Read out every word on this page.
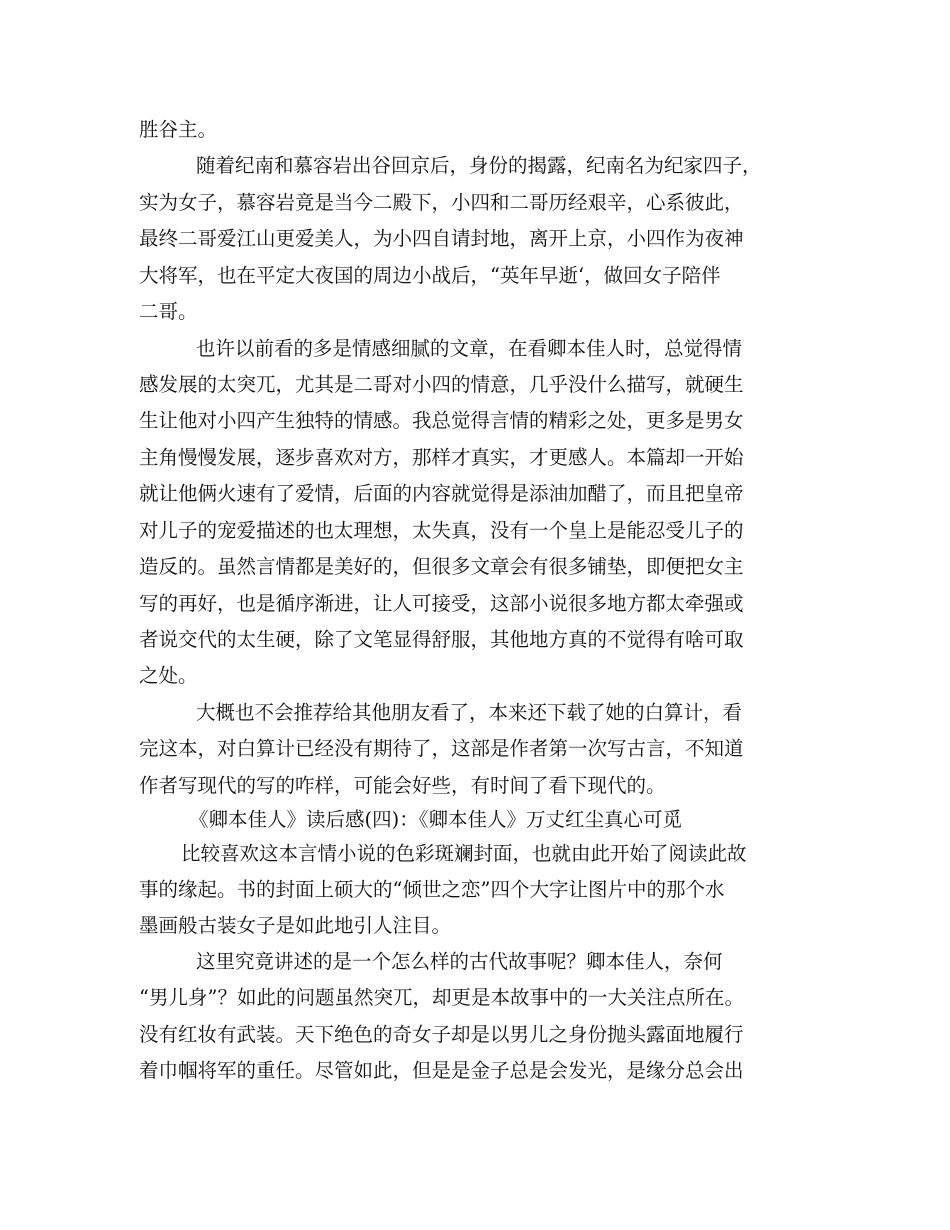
胜谷主。
随着纪南和慕容岩出谷回京后，身份的揭露，纪南名为纪家四子，
实为女子，慕容岩竟是当今二殿下，小四和二哥历经艰辛，心系彼此，
最终二哥爱江山更爱美人，为小四自请封地，离开上京，小四作为夜神
大将军，也在平定大夜国的周边小战后，“英年早逝‘，做回女子陪伴
二哥。
也许以前看的多是情感细腻的文章，在看卿本佳人时，总觉得情
感发展的太突兀，尤其是二哥对小四的情意，几乎没什么描写，就硬生
生让他对小四产生独特的情感。我总觉得言情的精彩之处，更多是男女
主角慢慢发展，逐步喜欢对方，那样才真实，才更感人。本篇却一开始
就让他俩火速有了爱情，后面的内容就觉得是添油加醋了，而且把皇帝
对儿子的宠爱描述的也太理想，太失真，没有一个皇上是能忍受儿子的
造反的。虽然言情都是美好的，但很多文章会有很多铺垫，即便把女主
写的再好，也是循序渐进，让人可接受，这部小说很多地方都太牵强或
者说交代的太生硬，除了文笔显得舒服，其他地方真的不觉得有啥可取
之处。
大概也不会推荐给其他朋友看了，本来还下载了她的白算计，看
完这本，对白算计已经没有期待了，这部是作者第一次写古言，不知道
作者写现代的写的咋样，可能会好些，有时间了看下现代的。
《卿本佳人》读后感(四)：《卿本佳人》万丈红尘真心可觅
比较喜欢这本言情小说的色彩斑斓封面，也就由此开始了阅读此故
事的缘起。书的封面上硕大的“倾世之恋”四个大字让图片中的那个水
墨画般古装女子是如此地引人注目。
这里究竟讲述的是一个怎么样的古代故事呢？卿本佳人，奈何
“男儿身”？如此的问题虽然突兀，却更是本故事中的一大关注点所在。
没有红妆有武装。天下绝色的奇女子却是以男儿之身份抛头露面地履行
着巾帼将军的重任。尽管如此，但是是金子总是会发光，是缘分总会出
